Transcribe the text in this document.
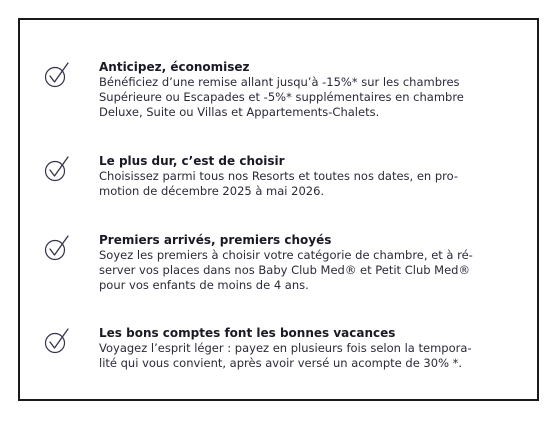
Anticipez, économisez
Bénéficiez d’une remise allant jusqu’à -15%* sur les chambres
Supérieure ou Escapades et -5%* supplémentaires en chambre
Deluxe, Suite ou Villas et Appartements-Chalets.
Le plus dur, c’est de choisir
Choisissez parmi tous nos Resorts et toutes nos dates, en pro-
motion de décembre 2025 à mai 2026.
Premiers arrivés, premiers choyés
Soyez les premiers à choisir votre catégorie de chambre, et à ré-
server vos places dans nos Baby Club Med® et Petit Club Med®
pour vos enfants de moins de 4 ans.
Les bons comptes font les bonnes vacances
Voyagez l’esprit léger : payez en plusieurs fois selon la tempora-
lité qui vous convient, après avoir versé un acompte de 30% *.
